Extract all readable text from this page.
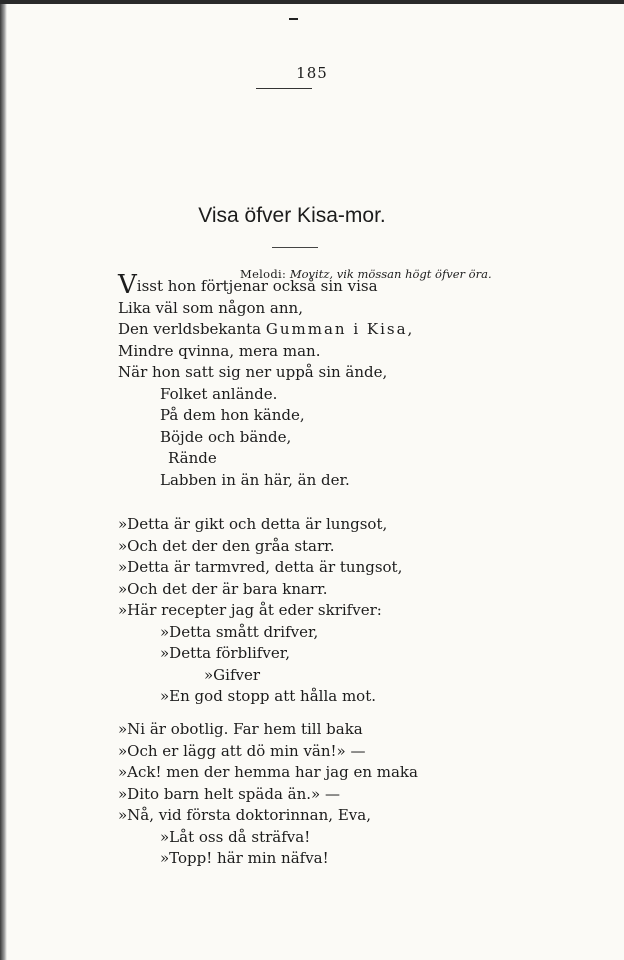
185
Visa öfver Kisa-mor.
Melodi: Movitz, vik mössan högt öfver öra.
Visst hon förtjenar också sin visa
Lika väl som någon ann,
Den verldsbekanta Gumman i Kisa,
Mindre qvinna, mera man.
När hon satt sig ner uppå sin ände,
Folket anlände.
På dem hon kände,
Böjde och bände,
Rände
Labben in än här, än der.
»Detta är gikt och detta är lungsot,
»Och det der den gråa starr.
»Detta är tarmvred, detta är tungsot,
»Och det der är bara knarr.
»Här recepter jag åt eder skrifver:
»Detta smått drifver,
»Detta förblifver,
»Gifver
»En god stopp att hålla mot.
»Ni är obotlig. Far hem till baka
»Och er lägg att dö min vän!» —
»Ack! men der hemma har jag en maka
»Dito barn helt späda än.» —
»Nå, vid första doktorinnan, Eva,
»Låt oss då sträfva!
»Topp! här min näfva!
